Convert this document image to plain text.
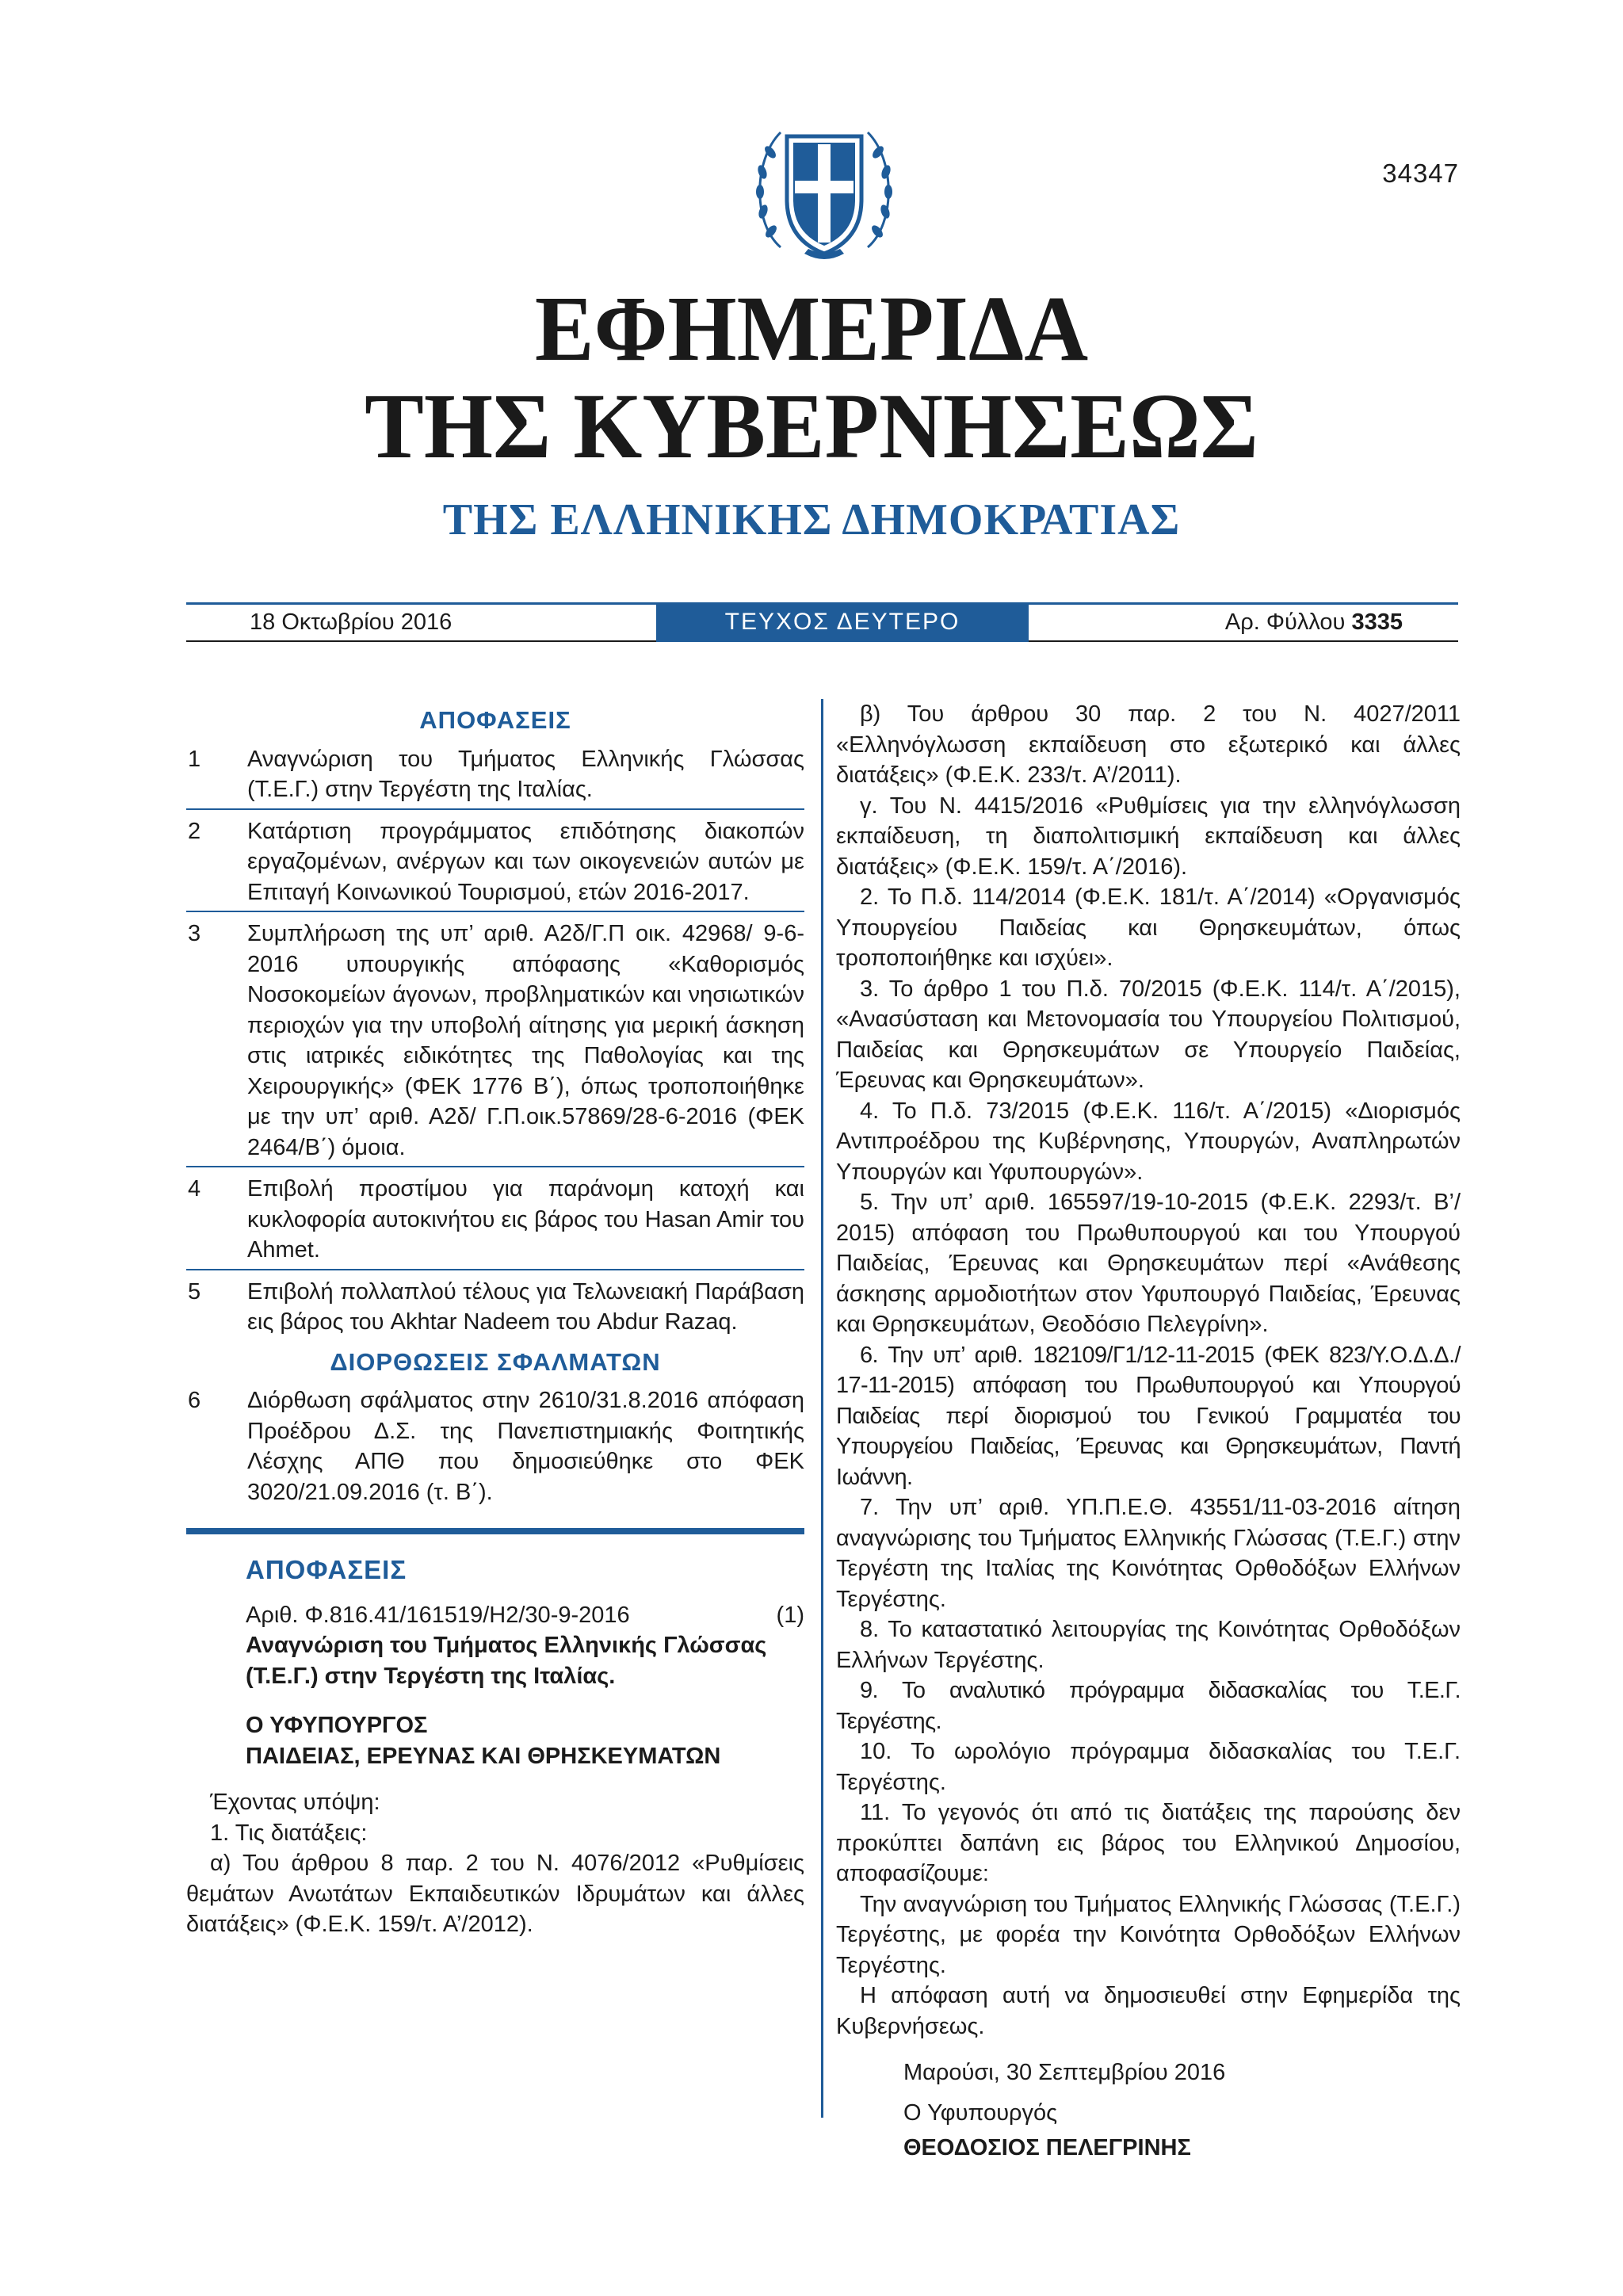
34347
ΕΦΗΜΕΡΙΔΑ
ΤΗΣ ΚΥΒΕΡΝΗΣΕΩΣ
ΤΗΣ ΕΛΛΗΝΙΚΗΣ ΔΗΜΟΚΡΑΤΙΑΣ
18 Οκτωβρίου 2016	ΤΕΥΧΟΣ ΔΕΥΤΕΡΟ	Αρ. Φύλλου 3335
ΑΠΟΦΑΣΕΙΣ
1	Αναγνώριση του Τμήματος Ελληνικής Γλώσσας (Τ.Ε.Γ.) στην Τεργέστη της Ιταλίας.
2	Κατάρτιση προγράμματος επιδότησης διακοπών εργαζομένων, ανέργων και των οικογενειών αυτών με Επιταγή Κοινωνικού Τουρισμού, ετών 2016-2017.
3	Συμπλήρωση της υπ’ αριθ. Α2δ/Γ.Π οικ. 42968/ 9-6-2016 υπουργικής απόφασης «Καθορισμός Νοσοκομείων άγονων, προβληματικών και νησιωτικών περιοχών για την υποβολή αίτησης για μερική άσκηση στις ιατρικές ειδικότητες της Παθολογίας και της Χειρουργικής» (ΦΕΚ 1776 Β΄), όπως τροποποιήθηκε με την υπ’ αριθ. Α2δ/ Γ.Π.οικ.57869/28-6-2016 (ΦΕΚ 2464/Β΄) όμοια.
4	Επιβολή προστίμου για παράνομη κατοχή και κυκλοφορία αυτοκινήτου εις βάρος του Hasan Amir του Ahmet.
5	Επιβολή πολλαπλού τέλους για Τελωνειακή Παράβαση εις βάρος του Akhtar Nadeem του Abdur Razaq.
ΔΙΟΡΘΩΣΕΙΣ ΣΦΑΛΜΑΤΩΝ
6	Διόρθωση σφάλματος στην 2610/31.8.2016 απόφαση Προέδρου Δ.Σ. της Πανεπιστημιακής Φοιτητικής Λέσχης ΑΠΘ που δημοσιεύθηκε στο ΦΕΚ 3020/21.09.2016 (τ. Β΄).
ΑΠΟΦΑΣΕΙΣ
Αριθ. Φ.816.41/161519/Η2/30-9-2016	(1)
Αναγνώριση του Τμήματος Ελληνικής Γλώσσας (Τ.Ε.Γ.) στην Τεργέστη της Ιταλίας.
Ο ΥΦΥΠΟΥΡΓΟΣ
ΠΑΙΔΕΙΑΣ, ΕΡΕΥΝΑΣ ΚΑΙ ΘΡΗΣΚΕΥΜΑΤΩΝ

Έχοντας υπόψη:

1. Τις διατάξεις:

α) Του άρθρου 8 παρ. 2 του Ν. 4076/2012 «Ρυθμίσεις θεμάτων Ανωτάτων Εκπαιδευτικών Ιδρυμάτων και άλλες διατάξεις» (Φ.Ε.Κ. 159/τ. Α’/2012).

β) Του άρθρου 30 παρ. 2 του Ν. 4027/2011 «Ελληνόγλωσση εκπαίδευση στο εξωτερικό και άλλες διατάξεις» (Φ.Ε.Κ. 233/τ. Α’/2011).

γ. Του Ν. 4415/2016 «Ρυθμίσεις για την ελληνόγλωσση εκπαίδευση, τη διαπολιτισμική εκπαίδευση και άλλες διατάξεις» (Φ.Ε.Κ. 159/τ. Α΄/2016).

2. Το Π.δ. 114/2014 (Φ.Ε.Κ. 181/τ. Α΄/2014) «Οργανισμός Υπουργείου Παιδείας και Θρησκευμάτων, όπως τροποποιήθηκε και ισχύει».

3. Το άρθρο 1 του Π.δ. 70/2015 (Φ.Ε.Κ. 114/τ. Α΄/2015), «Ανασύσταση και Μετονομασία του Υπουργείου Πολιτισμού, Παιδείας και Θρησκευμάτων σε Υπουργείο Παιδείας, Έρευνας και Θρησκευμάτων».

4. Το Π.δ. 73/2015 (Φ.Ε.Κ. 116/τ. Α΄/2015) «Διορισμός Αντιπροέδρου της Κυβέρνησης, Υπουργών, Αναπληρωτών Υπουργών και Υφυπουργών».

5. Την υπ’ αριθ. 165597/19-10-2015 (Φ.Ε.Κ. 2293/τ. Β’/ 2015) απόφαση του Πρωθυπουργού και του Υπουργού Παιδείας, Έρευνας και Θρησκευμάτων περί «Ανάθεσης άσκησης αρμοδιοτήτων στον Υφυπουργό Παιδείας, Έρευνας και Θρησκευμάτων, Θεοδόσιο Πελεγρίνη».

6. Την υπ’ αριθ. 182109/Γ1/12-11-2015 (ΦΕΚ 823/Υ.Ο.Δ.Δ./ 17-11-2015) απόφαση του Πρωθυπουργού και Υπουργού Παιδείας περί διορισμού του Γενικού Γραμματέα του Υπουργείου Παιδείας, Έρευνας και Θρησκευμάτων, Παντή Ιωάννη.

7. Την υπ’ αριθ. ΥΠ.Π.Ε.Θ. 43551/11-03-2016 αίτηση αναγνώρισης του Τμήματος Ελληνικής Γλώσσας (Τ.Ε.Γ.) στην Τεργέστη της Ιταλίας της Κοινότητας Ορθοδόξων Ελλήνων Τεργέστης.

8. Το καταστατικό λειτουργίας της Κοινότητας Ορθοδόξων Ελλήνων Τεργέστης.

9. Το αναλυτικό πρόγραμμα διδασκαλίας του Τ.Ε.Γ. Τεργέστης.

10. Το ωρολόγιο πρόγραμμα διδασκαλίας του Τ.Ε.Γ. Τεργέστης.

11. Το γεγονός ότι από τις διατάξεις της παρούσης δεν προκύπτει δαπάνη εις βάρος του Ελληνικού Δημοσίου, αποφασίζουμε:

Την αναγνώριση του Τμήματος Ελληνικής Γλώσσας (Τ.Ε.Γ.) Τεργέστης, με φορέα την Κοινότητα Ορθοδόξων Ελλήνων Τεργέστης.

Η απόφαση αυτή να δημοσιευθεί στην Εφημερίδα της Κυβερνήσεως.

Μαρούσι, 30 Σεπτεμβρίου 2016
Ο Υφυπουργός
ΘΕΟΔΟΣΙΟΣ ΠΕΛΕΓΡΙΝΗΣ
